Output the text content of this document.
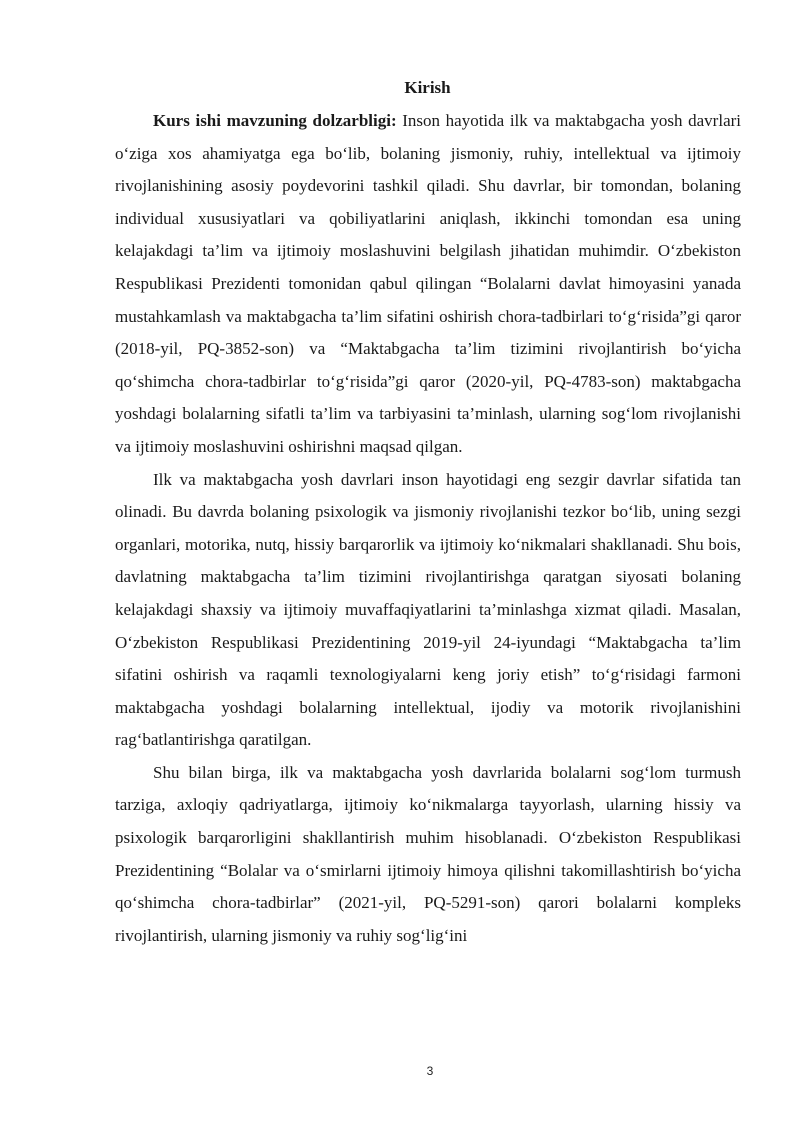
Kirish

Kurs ishi mavzuning dolzarbligi: Inson hayotida ilk va maktabgacha yosh davrlari o‘ziga xos ahamiyatga ega bo‘lib, bolaning jismoniy, ruhiy, intellektual va ijtimoiy rivojlanishining asosiy poydevorini tashkil qiladi. Shu davrlar, bir tomondan, bolaning individual xususiyatlari va qobiliyatlarini aniqlash, ikkinchi tomondan esa uning kelajakdagi ta’lim va ijtimoiy moslashuvini belgilash jihatidan muhimdir. O‘zbekiston Respublikasi Prezidenti tomonidan qabul qilingan “Bolalarni davlat himoyasini yanada mustahkamlash va maktabgacha ta’lim sifatini oshirish chora-tadbirlari to‘g‘risida”gi qaror (2018-yil, PQ-3852-son) va “Maktabgacha ta’lim tizimini rivojlantirish bo‘yicha qo‘shimcha chora-tadbirlar to‘g‘risida”gi qaror (2020-yil, PQ-4783-son) maktabgacha yoshdagi bolalarning sifatli ta’lim va tarbiyasini ta’minlash, ularning sog‘lom rivojlanishi va ijtimoiy moslashuvini oshirishni maqsad qilgan.

Ilk va maktabgacha yosh davrlari inson hayotidagi eng sezgir davrlar sifatida tan olinadi. Bu davrda bolaning psixologik va jismoniy rivojlanishi tezkor bo‘lib, uning sezgi organlari, motorika, nutq, hissiy barqarorlik va ijtimoiy ko‘nikmalari shakllanadi. Shu bois, davlatning maktabgacha ta’lim tizimini rivojlantirishga qaratgan siyosati bolaning kelajakdagi shaxsiy va ijtimoiy muvaffaqiyatlarini ta’minlashga xizmat qiladi. Masalan, O‘zbekiston Respublikasi Prezidentining 2019-yil 24-iyundagi “Maktabgacha ta’lim sifatini oshirish va raqamli texnologiyalarni keng joriy etish” to‘g‘risidagi farmoni maktabgacha yoshdagi bolalarning intellektual, ijodiy va motorik rivojlanishini rag‘batlantirishga qaratilgan.

Shu bilan birga, ilk va maktabgacha yosh davrlarida bolalarni sog‘lom turmush tarziga, axloqiy qadriyatlarga, ijtimoiy ko‘nikmalarga tayyorlash, ularning hissiy va psixologik barqarorligini shakllantirish muhim hisoblanadi. O‘zbekiston Respublikasi Prezidentining “Bolalar va o‘smirlarni ijtimoiy himoya qilishni takomillashtirish bo‘yicha qo‘shimcha chora-tadbirlar” (2021-yil, PQ-5291-son) qarori bolalarni kompleks rivojlantirish, ularning jismoniy va ruhiy sog‘lig‘ini

3
